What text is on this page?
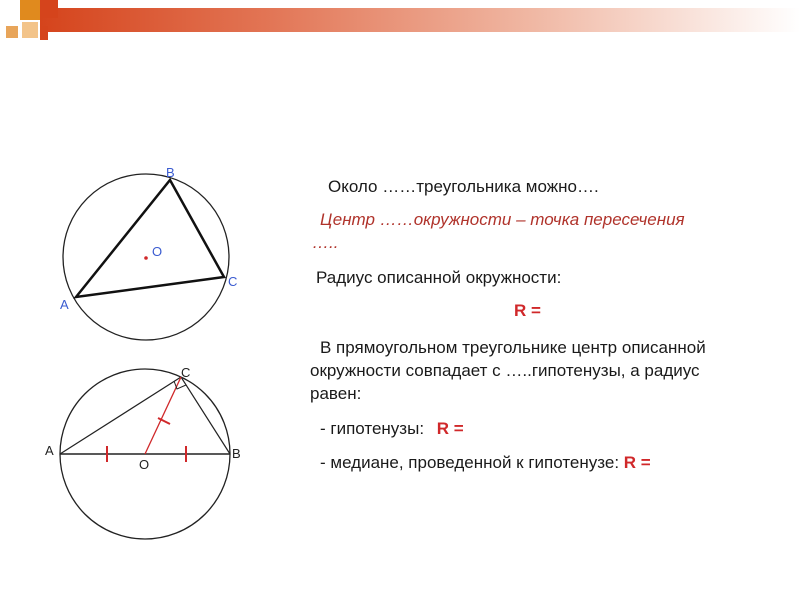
B
O
C
A
C
A
O
B
Около ……треугольника можно….
Центр ……окружности – точка пересечения
…..
Радиус описанной окружности:
R =
В прямоугольном треугольнике центр описанной
окружности совпадает с …..гипотенузы, а радиус
равен:
- гипотенузы: R =
- медиане, проведенной к гипотенузе: R =
